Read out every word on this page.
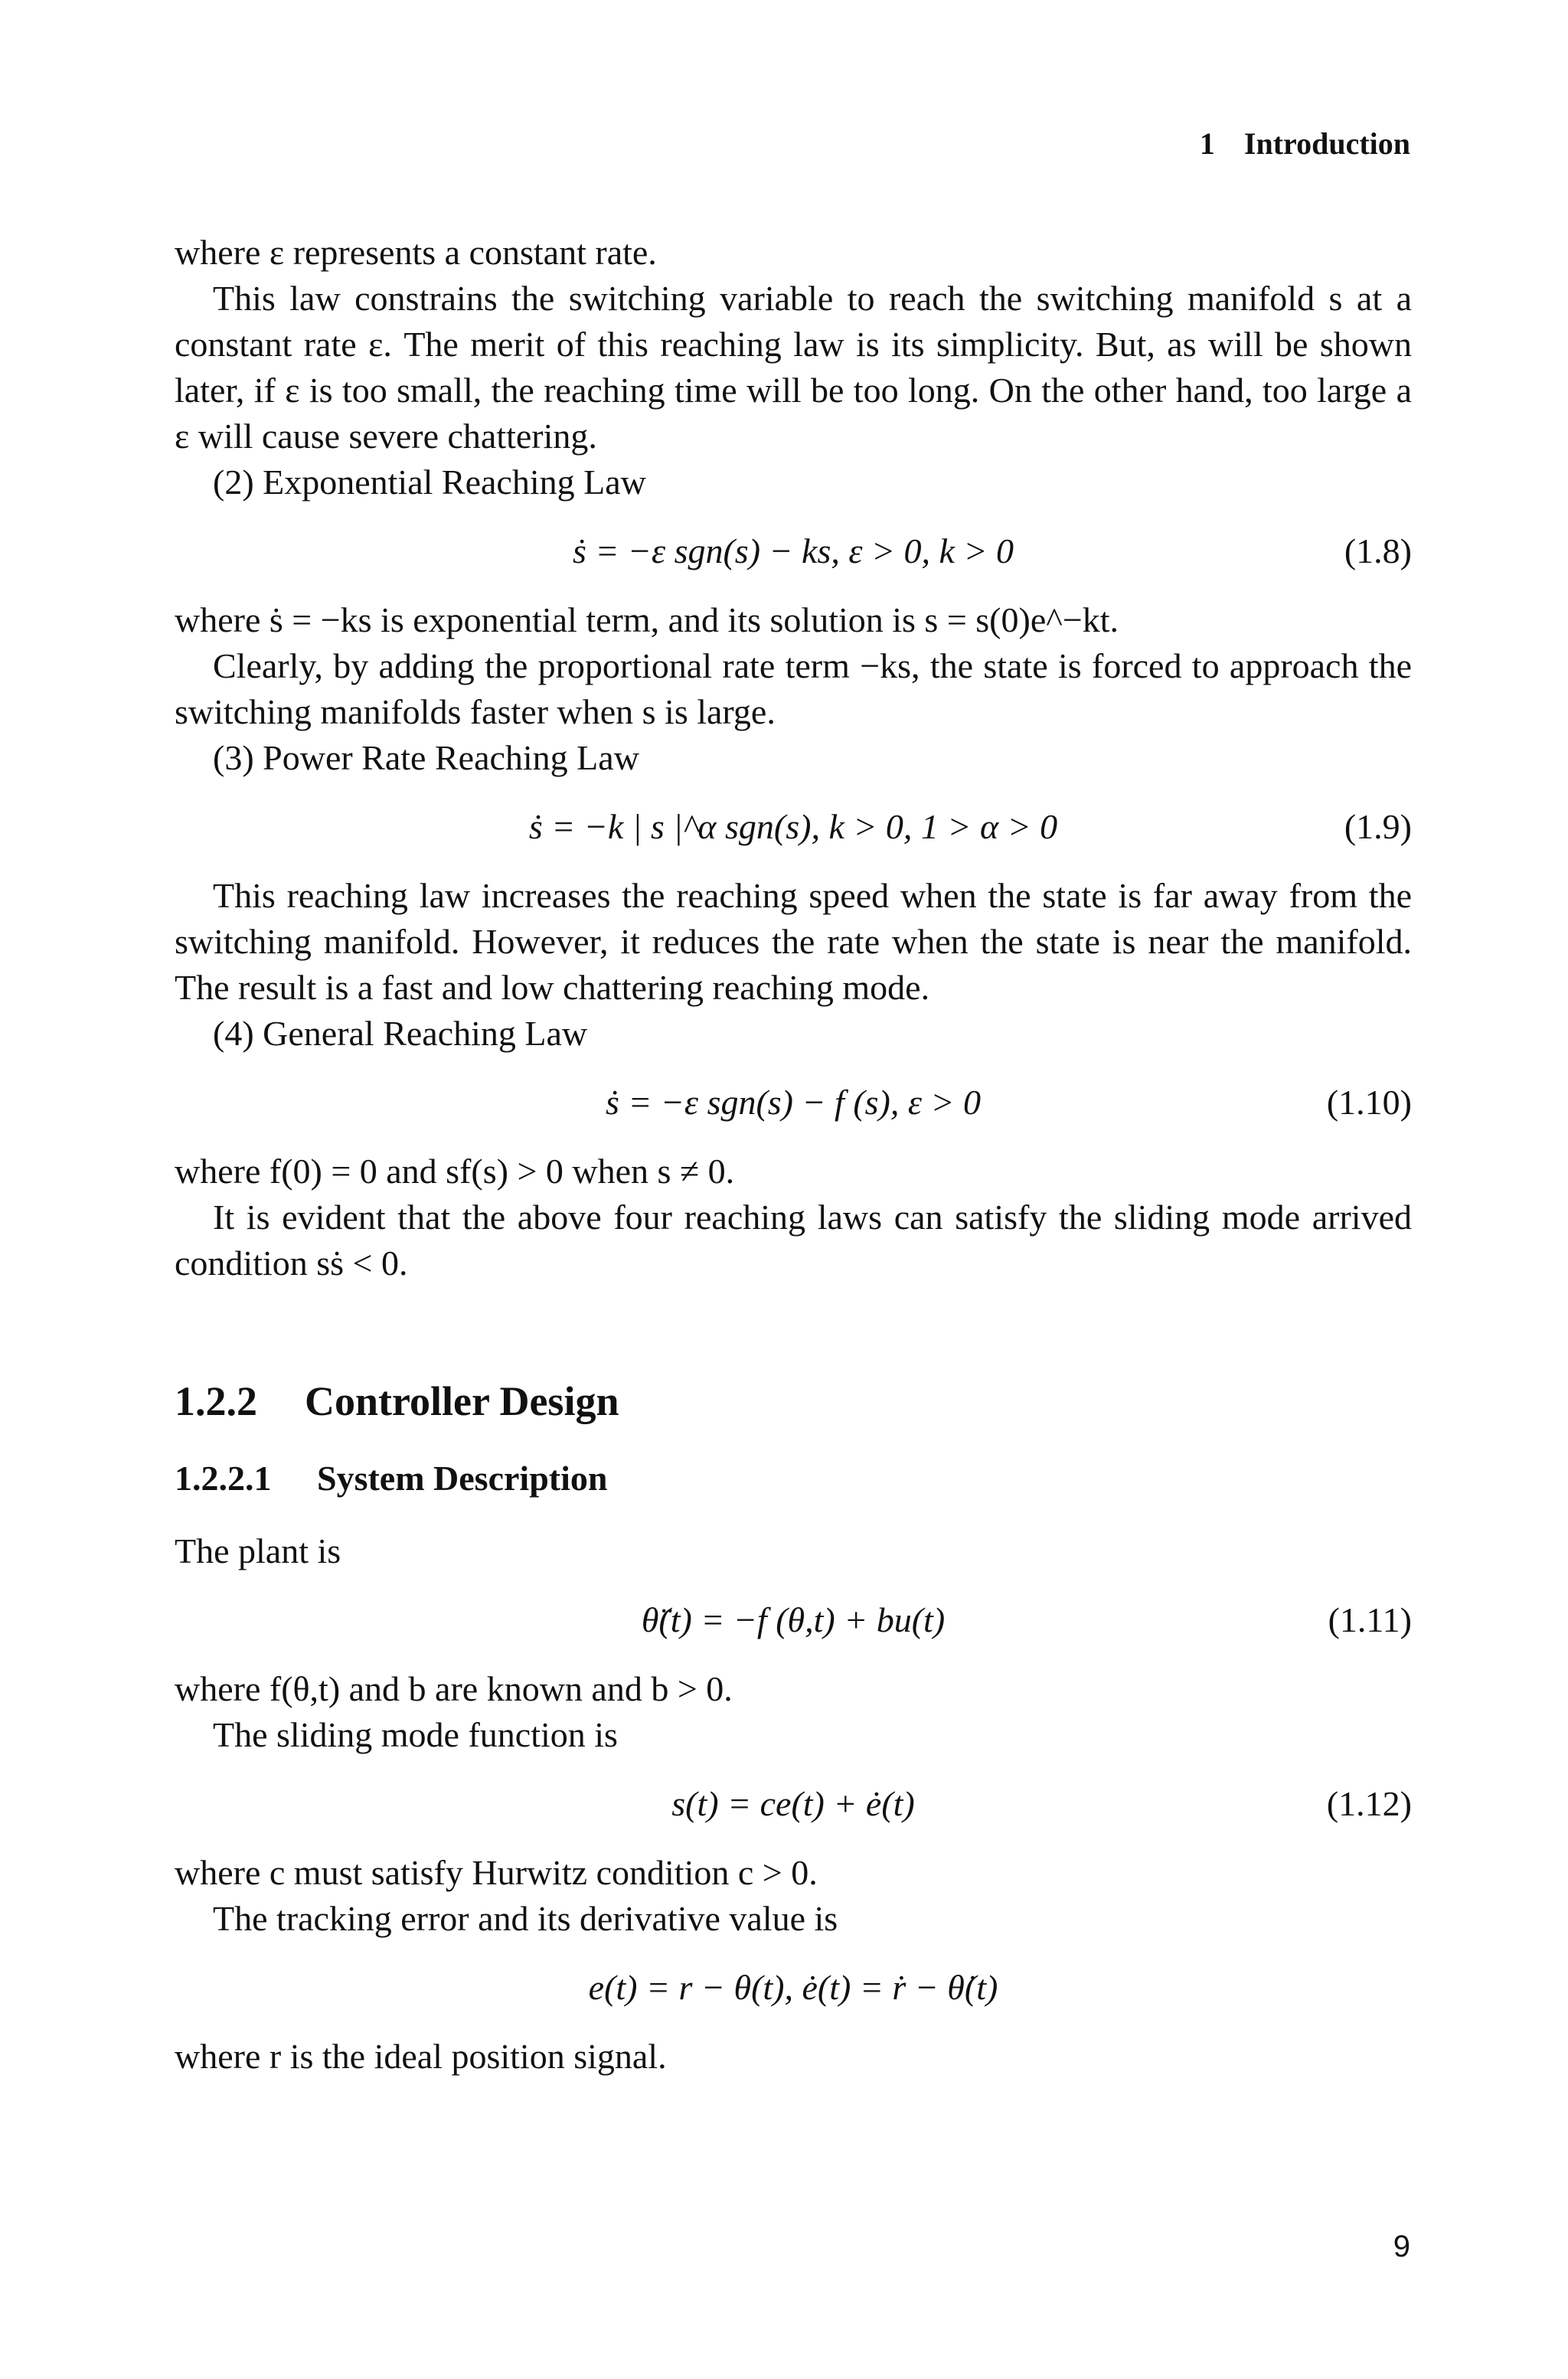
1 Introduction

where ε represents a constant rate.

This law constrains the switching variable to reach the switching manifold s at a constant rate ε. The merit of this reaching law is its simplicity. But, as will be shown later, if ε is too small, the reaching time will be too long. On the other hand, too large a ε will cause severe chattering.

(2) Exponential Reaching Law

ṡ = −ε sgn(s) − ks, ε > 0, k > 0	(1.8)

where ṡ = −ks is exponential term, and its solution is s = s(0)e^−kt.

Clearly, by adding the proportional rate term −ks, the state is forced to approach the switching manifolds faster when s is large.

(3) Power Rate Reaching Law

ṡ = −k | s |^α sgn(s), k > 0, 1 > α > 0	(1.9)

This reaching law increases the reaching speed when the state is far away from the switching manifold. However, it reduces the rate when the state is near the manifold. The result is a fast and low chattering reaching mode.

(4) General Reaching Law

ṡ = −ε sgn(s) − f (s), ε > 0	(1.10)

where f(0) = 0 and sf(s) > 0 when s ≠ 0.

It is evident that the above four reaching laws can satisfy the sliding mode arrived condition sṡ < 0.

1.2.2 Controller Design
1.2.2.1 System Description

The plant is

θ̈(t) = −f (θ,t) + bu(t)	(1.11)

where f(θ,t) and b are known and b > 0.

The sliding mode function is

s(t) = ce(t) + ė(t)	(1.12)

where c must satisfy Hurwitz condition c > 0.

The tracking error and its derivative value is

e(t) = r − θ(t), ė(t) = ṙ − θ̇(t)

where r is the ideal position signal.

9
